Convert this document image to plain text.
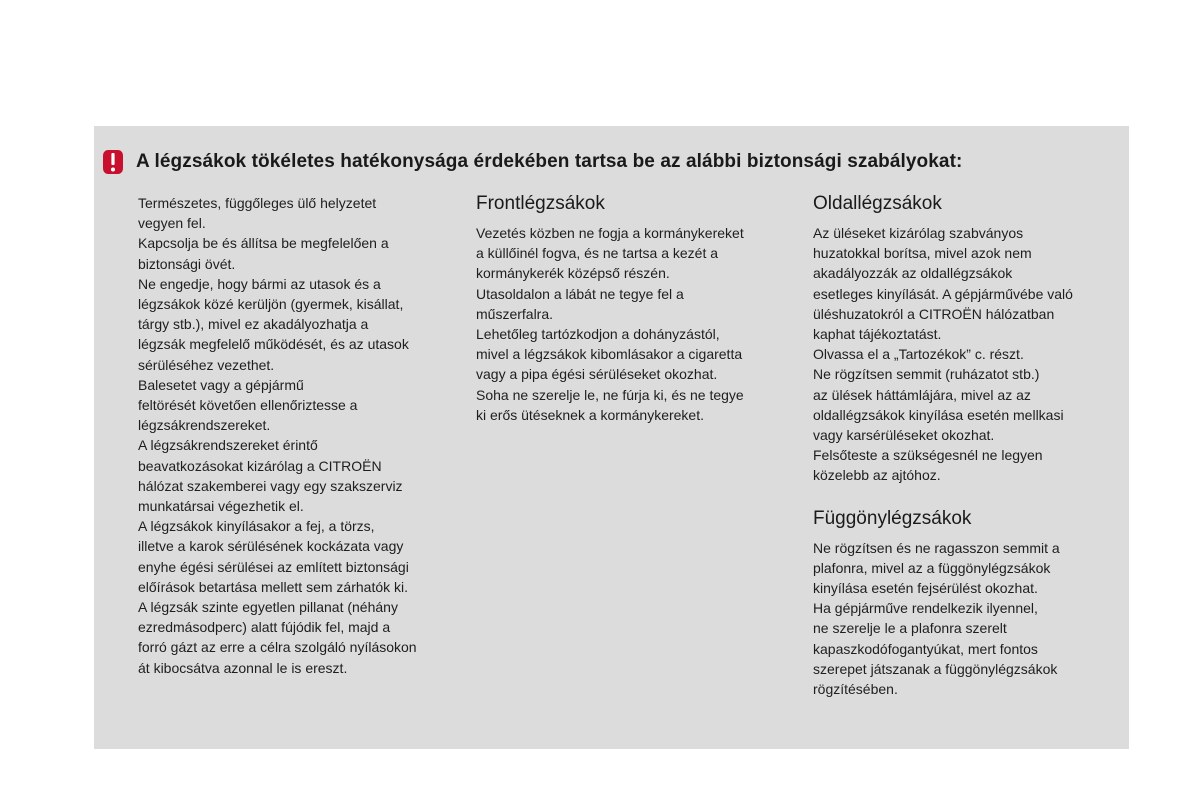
A légzsákok tökéletes hatékonysága érdekében tartsa be az alábbi biztonsági szabályokat:

Természetes, függőleges ülő helyzetet
vegyen fel.
Kapcsolja be és állítsa be megfelelően a
biztonsági övét.
Ne engedje, hogy bármi az utasok és a
légzsákok közé kerüljön (gyermek, kisállat,
tárgy stb.), mivel ez akadályozhatja a
légzsák megfelelő működését, és az utasok
sérüléséhez vezethet.
Balesetet vagy a gépjármű
feltörését követően ellenőriztesse a
légzsákrendszereket.
A légzsákrendszereket érintő
beavatkozásokat kizárólag a CITROËN
hálózat szakemberei vagy egy szakszerviz
munkatársai végezhetik el.
A légzsákok kinyílásakor a fej, a törzs,
illetve a karok sérülésének kockázata vagy
enyhe égési sérülései az említett biztonsági
előírások betartása mellett sem zárhatók ki.
A légzsák szinte egyetlen pillanat (néhány
ezredmásodperc) alatt fújódik fel, majd a
forró gázt az erre a célra szolgáló nyílásokon
át kibocsátva azonnal le is ereszt.

Frontlégzsákok

Vezetés közben ne fogja a kormánykereket
a küllőinél fogva, és ne tartsa a kezét a
kormánykerék középső részén.
Utasoldalon a lábát ne tegye fel a
műszerfalra.
Lehetőleg tartózkodjon a dohányzástól,
mivel a légzsákok kibomlásakor a cigaretta
vagy a pipa égési sérüléseket okozhat.
Soha ne szerelje le, ne fúrja ki, és ne tegye
ki erős ütéseknek a kormánykereket.

Oldallégzsákok

Az üléseket kizárólag szabványos
huzatokkal borítsa, mivel azok nem
akadályozzák az oldallégzsákok
esetleges kinyílását. A gépjárművébe való
üléshuzatokról a CITROËN hálózatban
kaphat tájékoztatást.
Olvassa el a „Tartozékok” c. részt.
Ne rögzítsen semmit (ruházatot stb.)
az ülések háttámlájára, mivel az az
oldallégzsákok kinyílása esetén mellkasi
vagy karsérüléseket okozhat.
Felsőteste a szükségesnél ne legyen
közelebb az ajtóhoz.

Függönylégzsákok

Ne rögzítsen és ne ragasszon semmit a
plafonra, mivel az a függönylégzsákok
kinyílása esetén fejsérülést okozhat.
Ha gépjárműve rendelkezik ilyennel,
ne szerelje le a plafonra szerelt
kapaszkodófogantyúkat, mert fontos
szerepet játszanak a függönylégzsákok
rögzítésében.
